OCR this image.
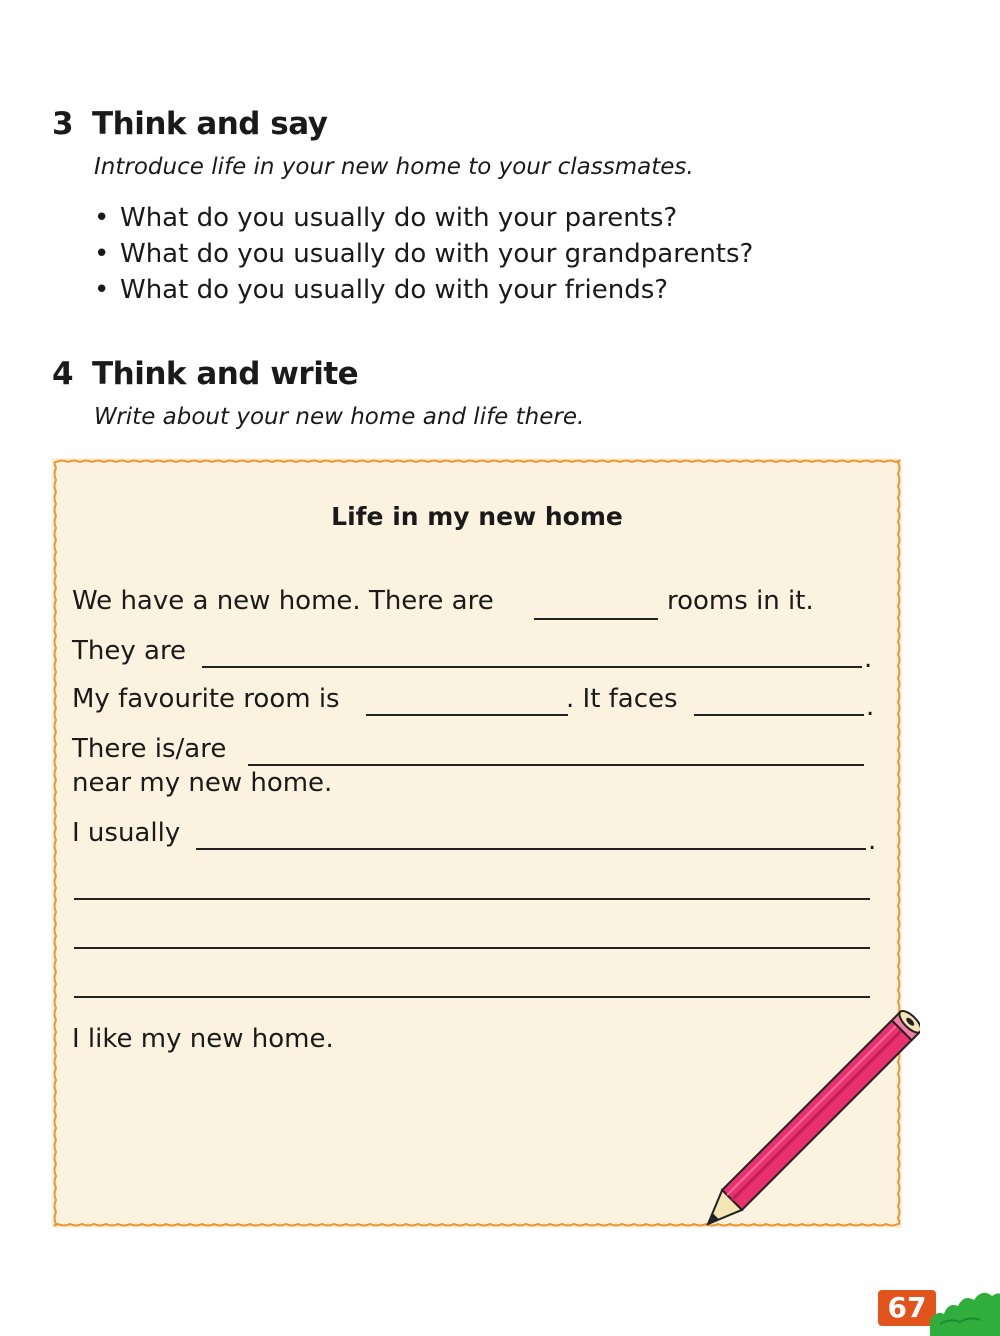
3 Think and say

Introduce life in your new home to your classmates.

• What do you usually do with your parents?
• What do you usually do with your grandparents?
• What do you usually do with your friends?
4 Think and write

Write about your new home and life there.

Life in my new home

We have a new home. There are	rooms in it.

They are	.

My favourite room is	. It faces	.

There is/are

near my new home.

I usually	.

I like my new home.

67
